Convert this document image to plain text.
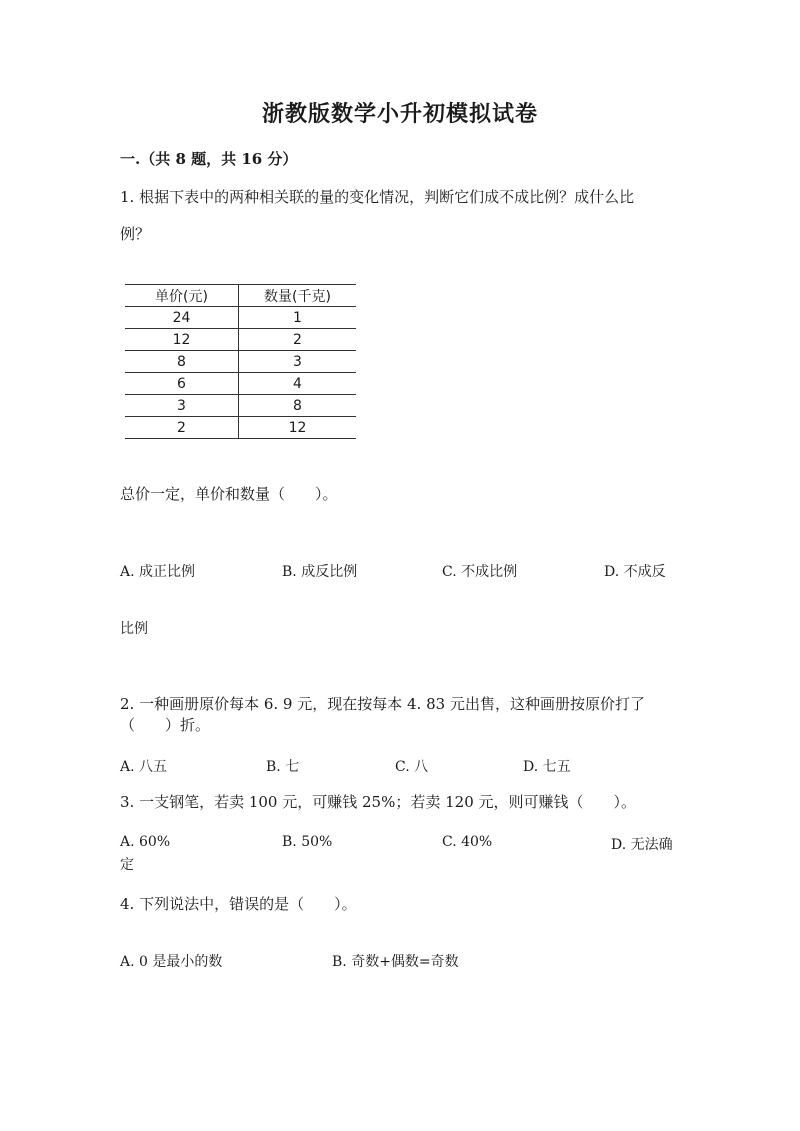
浙教版数学小升初模拟试卷
一.（共 8 题，共 16 分）
1. 根据下表中的两种相关联的量的变化情况，判断它们成不成比例？成什么比
例？
单价(元)	数量(千克)
24	1
12	2
8	3
6	4
3	8
2	12
总价一定，单价和数量（　　）。
A. 成正比例	B. 成反比例	C. 不成比例	D. 不成反
比例
2. 一种画册原价每本 6. 9 元，现在按每本 4. 83 元出售，这种画册按原价打了
（　　）折。
A. 八五	B. 七	C. 八	D. 七五
3. 一支钢笔，若卖 100 元，可赚钱 25%；若卖 120 元，则可赚钱（　　）。
A. 60%	B. 50%	C. 40%	D. 无法确
定
4. 下列说法中，错误的是（　　）。
A. 0 是最小的数	B. 奇数+偶数=奇数
